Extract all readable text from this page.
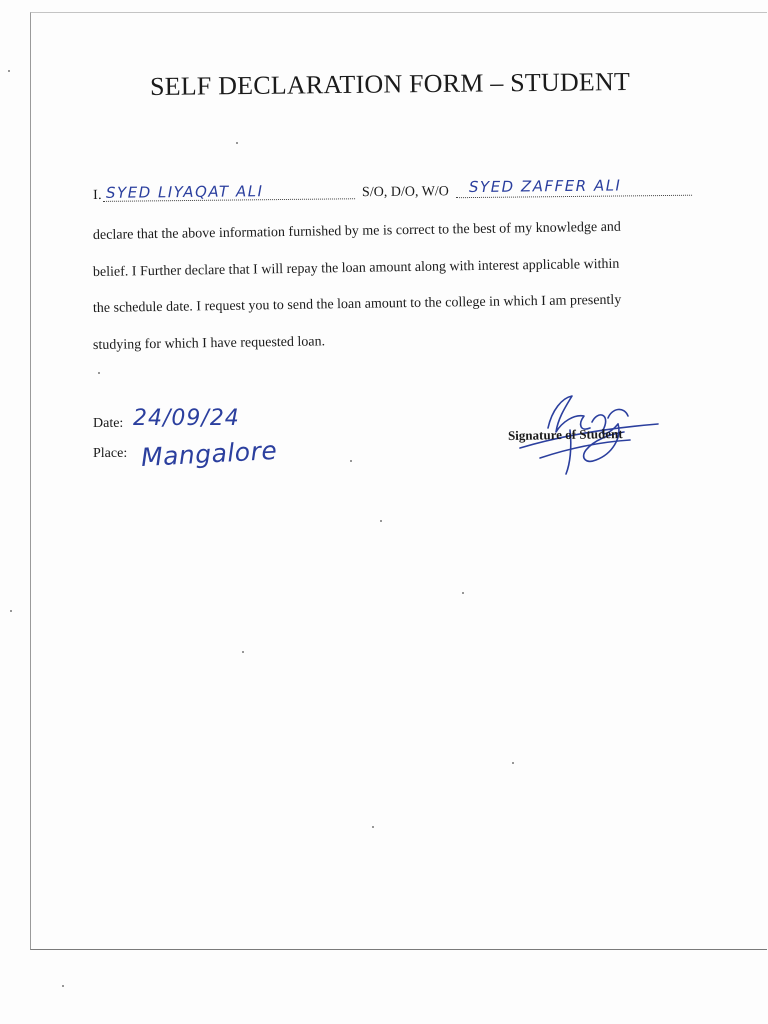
SELF DECLARATION FORM – STUDENT
I . SYED LIYAQAT ALI	S/O, D/O, W/O SYED ZAFFER ALI
declare that the above information furnished by me is correct to the best of my knowledge and
belief. I Further declare that I will repay the loan amount along with interest applicable within
the schedule date. I request you to send the loan amount to the college in which I am presently
studying for which I have requested loan.
Date: 24/09/24
Place: Mangalore
Signature of Student
